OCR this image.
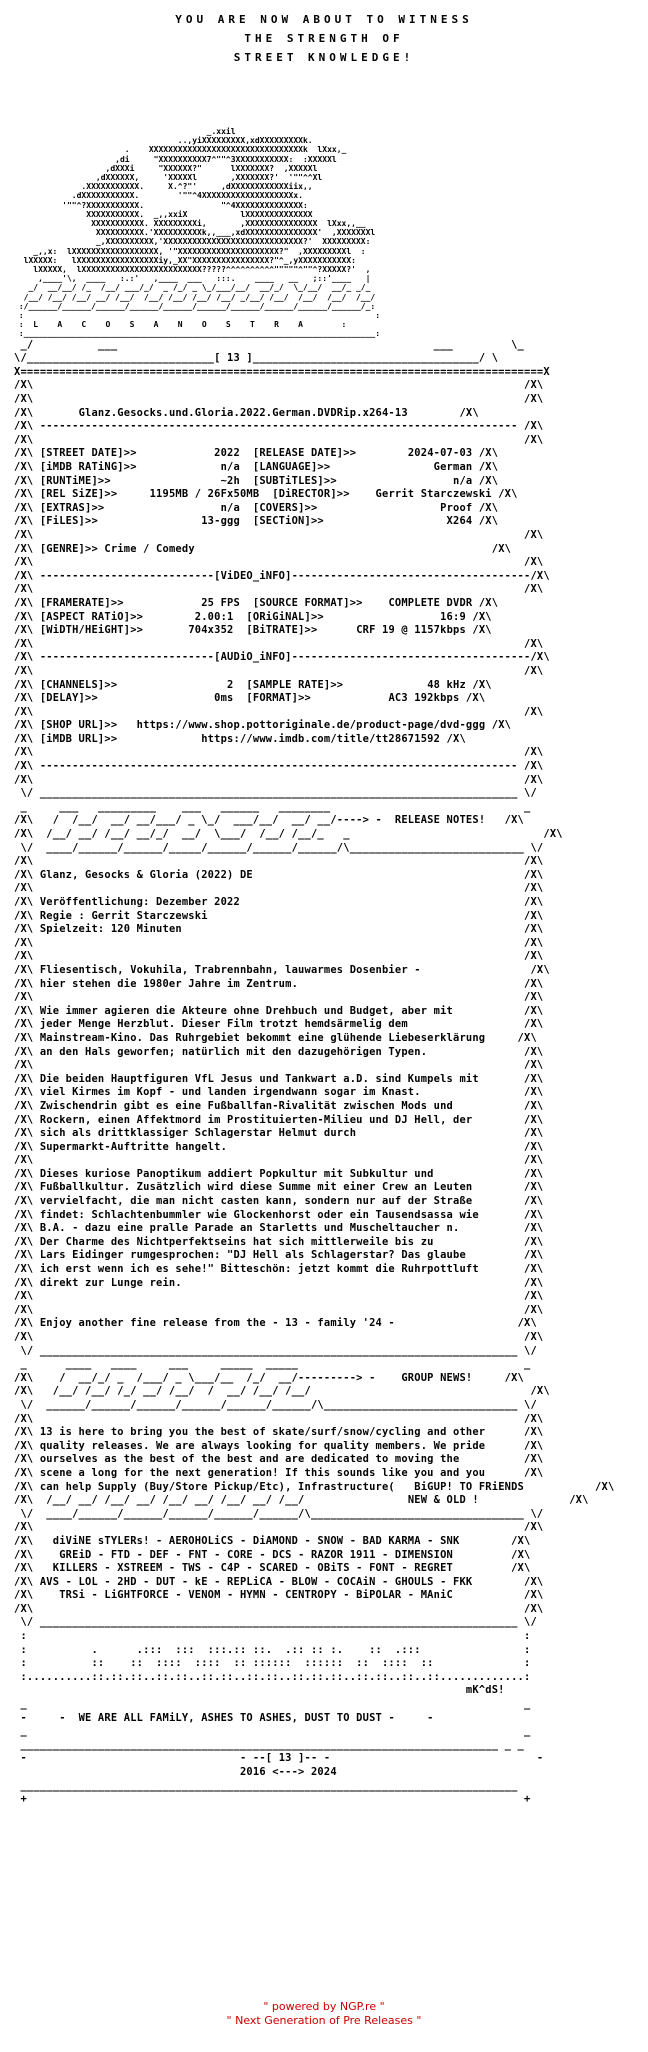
YOU ARE NOW ABOUT TO WITNESS
THE STRENGTH OF
STREET KNOWLEDGE!
_.xxil
..,yiXXXXXXXXX,xdXXXXXXXXXk.
.    XXXXXXXXXXXXXXXXXXXXXXXXXXXXXXXXk  lXxx,_
,di     "XXXXXXXXXX7^""^3XXXXXXXXXXX:  :XXXXXl
,dXXXi     "XXXXXX?"      lXXXXXXX?  ,XXXXXl
,dXXXXXX,     'XXXXXl       ,XXXXXXX?'  '""^^Xl
.XXXXXXXXXXX.     X.^?"'     ,dXXXXXXXXXXXXiix,,
.dXXXXXXXXXXX.        '""^4XXXXXXXXXXXXXXXXXXXx.
'""^?XXXXXXXXXXX.                "^4XXXXXXXXXXXXXX:
XXXXXXXXXXX.  _,,xxiX           lXXXXXXXXXXXXXX
XXXXXXXXXXX. XXXXXXXXXi,       ,XXXXXXXXXXXXXXX  lXxx,,__
XXXXXXXXXX.'XXXXXXXXXXk,,___,xdXXXXXXXXXXXXXXX'  ,XXXXXXXl
_,XXXXXXXXXX,'XXXXXXXXXXXXXXXXXXXXXXXXXXXXX?'  XXXXXXXXX:
_,,x:  lXXXXXXXXXXXXXXXXXX, '"XXXXXXXXXXXXXXXXXXXXX?"  ,XXXXXXXXXl  :
lXXXXX:   lXXXXXXXXXXXXXXXXXiy,_XX"XXXXXXXXXXXXXXXX?"^_,yXXXXXXXXXXX:
lXXXXX,  lXXXXXXXXXXXXXXXXXXXXXXXXX?????^^^^^^^^^^"""""^""^?XXXXX?'  ,
,____'\,  ____   :.:'   ,____  ___   :::.    ____   __   ;::'____   |
_/  __/__/ /_  /__/ ___/_/  _ /_/ _ \_/___/__/  __/_/  \_/__/  __/_ _/_
/__/ /__/ /__/ __/ /__/  /__/ /__/ /__/ /__/ _/__/ /__/  /__/  /__/  /__/
:/______/______/______/______/______/______/______/______/______/______/_:
:                                                                         :
:  L    A    C    O    S    A    N    O    S    T    R    A	:
:_________________________________________________________________________:

_/          ___                                                 ___         \_
\/_____________________________[ 13 ]___________________________________/ \
X=================================================================================X
/X\                                                                            /X\
/X\                                                                            /X\
/X\	Glanz.Gesocks.und.Gloria.2022.German.DVDRip.x264-13	/X\
/X\ -------------------------------------------------------------------------- /X\
/X\                                                                            /X\
/X\ [STREET DATE]>>	2022  [RELEASE DATE]>>        2024-07-03 /X\
/X\ [iMDB RATiNG]>>	n/a  [LANGUAGE]>>                German /X\
/X\ [RUNTiME]>>	~2h  [SUBTiTLES]>>                  n/a /X\
/X\ [REL SiZE]>>	1195MB / 26Fx50MB  [DiRECTOR]>>    Gerrit Starczewski /X\
/X\ [EXTRAS]>>	n/a  [COVERS]>>                   Proof /X\
/X\ [FiLES]>>	13-ggg  [SECTiON]>>                   X264 /X\
/X\                                                                            /X\
/X\ [GENRE]>> Crime / Comedy	/X\
/X\                                                                            /X\
/X\ ---------------------------[ViDEO_iNFO]-------------------------------------/X\
/X\                                                                            /X\
/X\ [FRAMERATE]>>	25 FPS  [SOURCE FORMAT]>>    COMPLETE DVDR /X\
/X\ [ASPECT RATiO]>>	2.00:1  [ORiGiNAL]>>                  16:9 /X\
/X\ [WiDTH/HEiGHT]>>	704x352  [BiTRATE]>>      CRF 19 @ 1157kbps /X\
/X\                                                                            /X\
/X\ ---------------------------[AUDiO_iNFO]-------------------------------------/X\
/X\                                                                            /X\
/X\ [CHANNELS]>>	2  [SAMPLE RATE]>>             48 kHz /X\
/X\ [DELAY]>>	0ms  [FORMAT]>>            AC3 192kbps /X\
/X\                                                                            /X\
/X\ [SHOP URL]>>   https://www.shop.pottoriginale.de/product-page/dvd-ggg /X\
/X\ [iMDB URL]>>	https://www.imdb.com/title/tt28671592 /X\
/X\                                                                            /X\
/X\ -------------------------------------------------------------------------- /X\
/X\                                                                            /X\
\/ __________________________________________________________________________ \/
_     ___   _________    ___   ______   ________                              _
/X\   /  /__/  __/ __/___/ _ \_/  ___/__/  __/ __/----> -  RELEASE NOTES!   /X\
/X\  /__/ __/ /__/ __/_/  __/  \___/  /__/ /__/_   _                              /X\
\/  ____/______/______/_____/______/______/______/\___________________________ \/
/X\                                                                            /X\
/X\ Glanz, Gesocks & Gloria (2022) DE	/X\
/X\                                                                            /X\
/X\ Veröffentlichung: Dezember 2022	/X\
/X\ Regie : Gerrit Starczewski	/X\
/X\ Spielzeit: 120 Minuten	/X\
/X\                                                                            /X\
/X\                                                                            /X\
/X\ Fliesentisch, Vokuhila, Trabrennbahn, lauwarmes Dosenbier -                 /X\
/X\ hier stehen die 1980er Jahre im Zentrum.                                   /X\
/X\                                                                            /X\
/X\ Wie immer agieren die Akteure ohne Drehbuch und Budget, aber mit           /X\
/X\ jeder Menge Herzblut. Dieser Film trotzt hemdsärmelig dem                  /X\
/X\ Mainstream-Kino. Das Ruhrgebiet bekommt eine glühende Liebeserklärung     /X\
/X\ an den Hals geworfen; natürlich mit den dazugehörigen Typen.               /X\
/X\                                                                            /X\
/X\ Die beiden Hauptfiguren VfL Jesus und Tankwart a.D. sind Kumpels mit       /X\
/X\ viel Kirmes im Kopf - und landen irgendwann sogar im Knast.                /X\
/X\ Zwischendrin gibt es eine Fußballfan-Rivalität zwischen Mods und           /X\
/X\ Rockern, einen Affektmord im Prostituierten-Milieu und DJ Hell, der        /X\
/X\ sich als drittklassiger Schlagerstar Helmut durch                          /X\
/X\ Supermarkt-Auftritte hangelt.                                              /X\
/X\                                                                            /X\
/X\ Dieses kuriose Panoptikum addiert Popkultur mit Subkultur und              /X\
/X\ Fußballkultur. Zusätzlich wird diese Summe mit einer Crew an Leuten        /X\
/X\ vervielfacht, die man nicht casten kann, sondern nur auf der Straße        /X\
/X\ findet: Schlachtenbummler wie Glockenhorst oder ein Tausendsassa wie       /X\
/X\ B.A. - dazu eine pralle Parade an Starletts und Muscheltaucher n.          /X\
/X\ Der Charme des Nichtperfektseins hat sich mittlerweile bis zu              /X\
/X\ Lars Eidinger rumgesprochen: "DJ Hell als Schlagerstar? Das glaube         /X\
/X\ ich erst wenn ich es sehe!" Bitteschön: jetzt kommt die Ruhrpottluft       /X\
/X\ direkt zur Lunge rein.                                                     /X\
/X\                                                                            /X\
/X\                                                                            /X\
/X\ Enjoy another fine release from the - 13 - family '24 -	/X\
/X\                                                                            /X\
\/ __________________________________________________________________________ \/
_      ____   ____     ___     _____  _____                                   _
/X\    /  __/_/ _  /___/ _ \___/__  /_/  __/---------> -    GROUP NEWS!	/X\
/X\   /__/ /__/ /_/ __/ /__/  /  __/ /__/ /__/                                  /X\
\/  ______/______/______/______/______/______/\______________________________ \/
/X\                                                                            /X\
/X\ 13 is here to bring you the best of skate/surf/snow/cycling and other      /X\
/X\ quality releases. We are always looking for quality members. We pride      /X\
/X\ ourselves as the best of the best and are dedicated to moving the          /X\
/X\ scene a long for the next generation! If this sounds like you and you      /X\
/X\ can help Supply (Buy/Store Pickup/Etc), Infrastructure( BiGUP! TO FRiENDS	/X\
/X\  /__/ __/ /__/ __/ /__/ __/ /__/ __/ /__/	NEW & OLD !	/X\
\/  ____/______/______/______/______/______/\_________________________________ \/
/X\                                                                            /X\
/X\   diViNE sTYLERs! - AEROHOLiCS - DiAMOND - SNOW - BAD KARMA - SNK	/X\
/X\    GREiD - FTD - DEF - FNT - CORE - DCS - RAZOR 1911 - DIMENSION	/X\
/X\   KILLERS - XSTREEM - TWS - C4P - SCARED - OBiTS - FONT - REGRET	/X\
/X\ AVS - LOL - 2HD - DUT - kE - REPLiCA - BLOW - COCAiN - GHOULS - FKK	/X\
/X\    TRSi - LiGHTFORCE - VENOM - HYMN - CENTROPY - BiPOLAR - MAniC	/X\
/X\                                                                            /X\
\/ __________________________________________________________________________ \/
:                                                                             :
:          .      .:::  :::  :::.:: ::.  .:: :: :.    ::  .:::                :
:          ::    ::  ::::  ::::  :: ::::::  ::::::  ::  ::::  ::              :
:..........::.::.::..::.::..::.::..::.::..::.::.::..::.::..::..::.............:
mK^dS!
_                                                                             _
-     -  WE ARE ALL FAMiLY, ASHES TO ASHES, DUST TO DUST -     -
_                                                                             _
__________________________________________________________________________ _ _
-                                 - --[ 13 ]-- -                                -
2016 <---> 2024
_____________________________________________________________________________
+                                                                             +

" powered by NGP.re "
" Next Generation of Pre Releases "
